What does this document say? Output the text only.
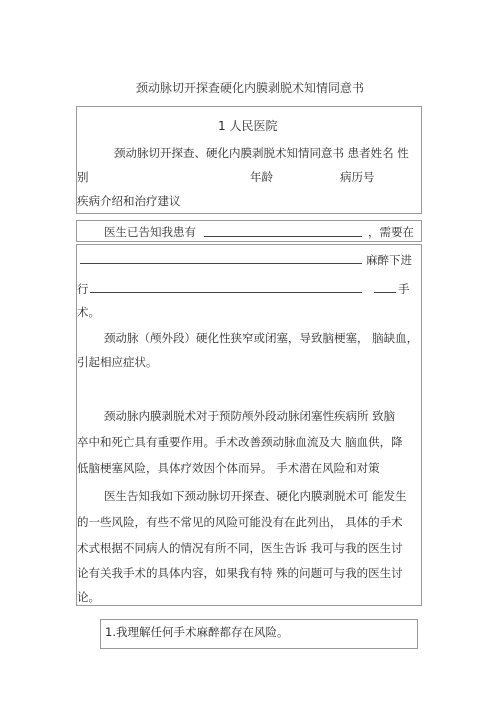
颈动脉切开探查硬化内膜剥脱术知情同意书
1 人民医院
颈动脉切开探查、硬化内膜剥脱术知情同意书 患者姓名 性
别	年龄	病历号
疾病介绍和治疗建议
医生已告知我患有	，需要在
麻醉下进
行	手
术。
颈动脉（颅外段）硬化性狭窄或闭塞，导致脑梗塞， 脑缺血，
引起相应症状。
颈动脉内膜剥脱术对于预防颅外段动脉闭塞性疾病所 致脑
卒中和死亡具有重要作用。手术改善颈动脉血流及大 脑血供，降
低脑梗塞风险，具体疗效因个体而异。 手术潜在风险和对策
医生告知我如下颈动脉切开探查、硬化内膜剥脱术可 能发生
的一些风险，有些不常见的风险可能没有在此列出， 具体的手术
术式根据不同病人的情况有所不同，医生告诉 我可与我的医生讨
论有关我手术的具体内容，如果我有特 殊的问题可与我的医生讨
论。
1.我理解任何手术麻醉都存在风险。
